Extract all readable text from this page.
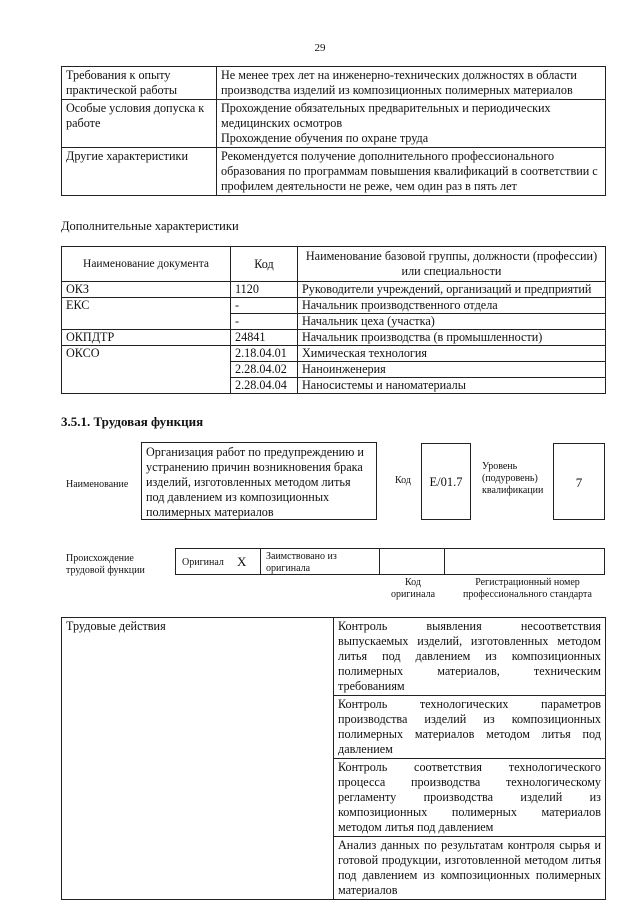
29
Требования к опыту практической работы	Не менее трех лет на инженерно-технических должностях в области производства изделий из композиционных полимерных материалов
Особые условия допуска к работе	Прохождение обязательных предварительных и периодических медицинских осмотров
Прохождение обучения по охране труда

Другие характеристики	Рекомендуется получение дополнительного профессионального образования по программам повышения квалификаций в соответствии с профилем деятельности не реже, чем один раз в пять лет
Дополнительные характеристики
Наименование документа	Код	Наименование базовой группы, должности (профессии) или специальности
ОКЗ	1120	Руководители учреждений, организаций и предприятий
ЕКС	-	Начальник производственного отдела
	-	Начальник цеха (участка)
ОКПДТР	24841	Начальник производства (в промышленности)
ОКСО	2.18.04.01	Химическая технология
	2.28.04.02	Наноинженерия
	2.28.04.04	Наносистемы и наноматериалы
3.5.1. Трудовая функция
Наименование
Организация работ по предупреждению и устранению причин возникновения брака изделий, изготовленных методом литья под давлением из композиционных полимерных материалов
Код	E/01.7
Уровень (подуровень) квалификации
7
Происхождение трудовой функции
Оригинал X Заимствовано из оригинала
Код оригинала
Регистрационный номер профессионального стандарта
Трудовые действия	Контроль выявления несоответствия выпускаемых изделий, изготовленных методом литья под давлением из композиционных полимерных материалов, техническим требованиям
Контроль технологических параметров производства изделий из композиционных полимерных материалов методом литья под давлением
Контроль соответствия технологического процесса производства технологическому регламенту производства изделий из композиционных полимерных материалов методом литья под давлением
Анализ данных по результатам контроля сырья и готовой продукции, изготовленной методом литья под давлением из композиционных полимерных материалов
